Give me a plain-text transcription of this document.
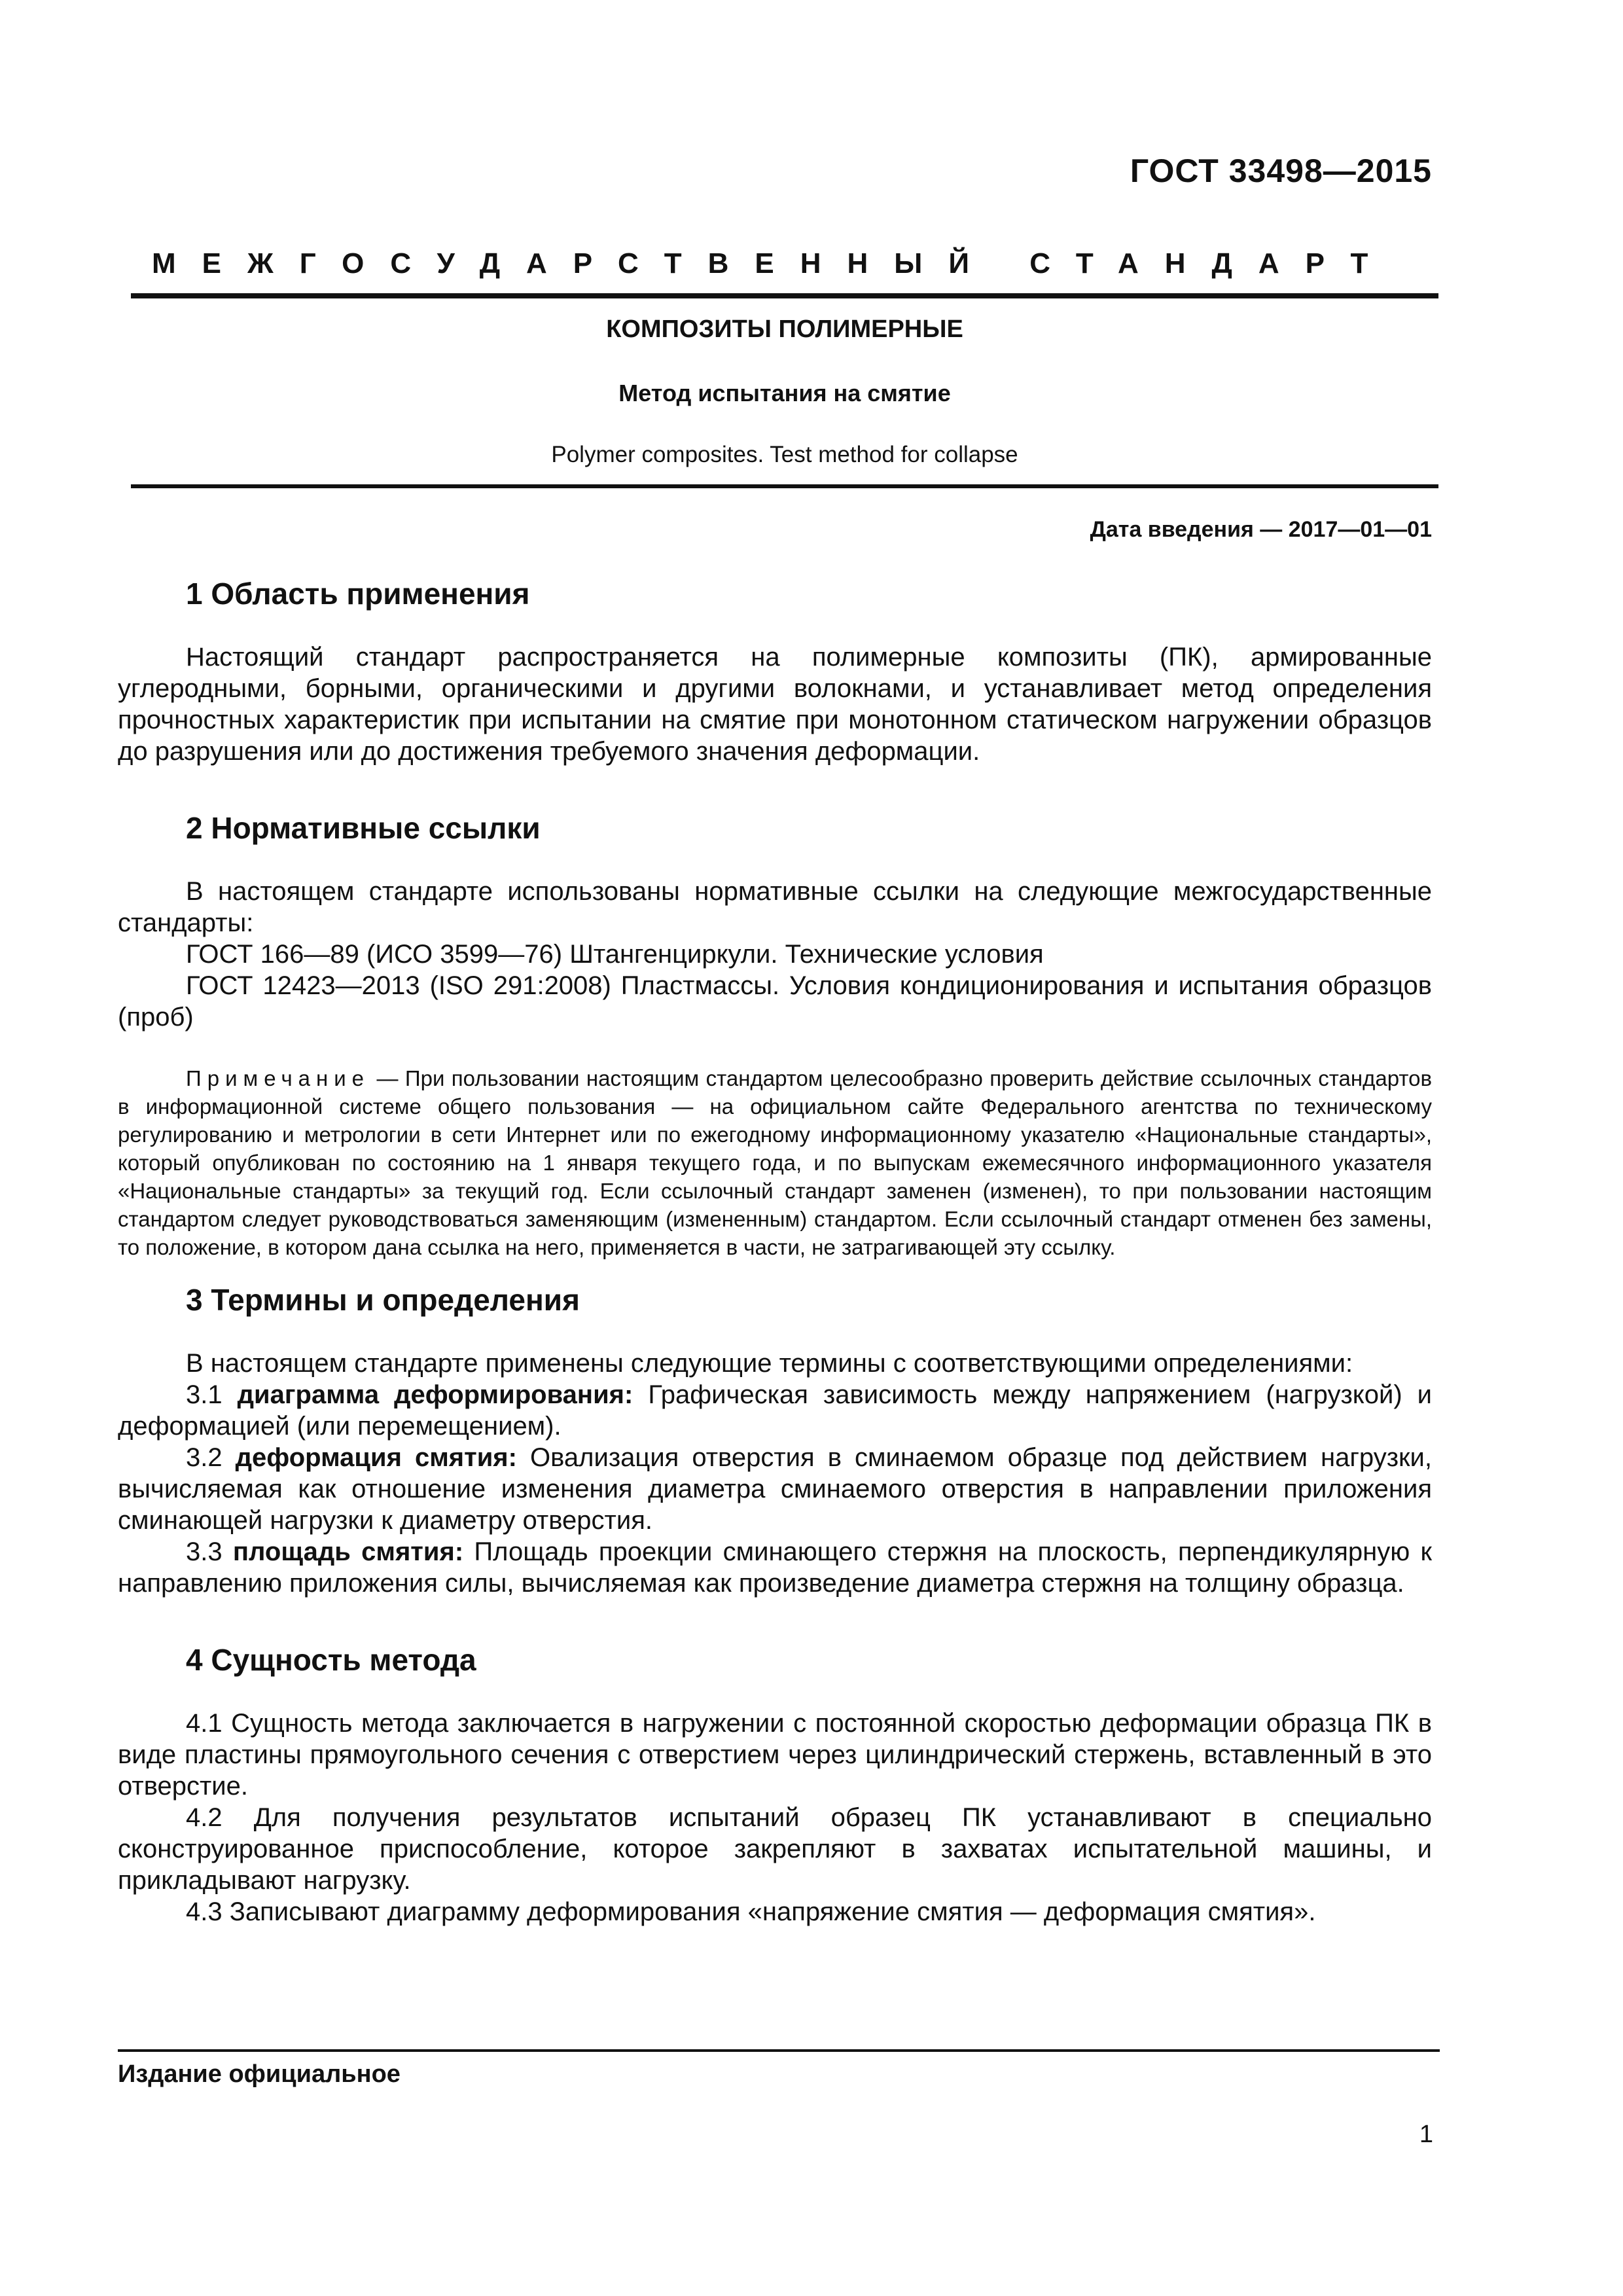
ГОСТ 33498—2015
МЕЖГОСУДАРСТВЕННЫЙ СТАНДАРТ
КОМПОЗИТЫ ПОЛИМЕРНЫЕ
Метод испытания на смятие
Polymer composites. Test method for collapse
Дата введения — 2017—01—01
1 Область применения

Настоящий стандарт распространяется на полимерные композиты (ПК), армированные углеродными, борными, органическими и другими волокнами, и устанавливает метод определения прочностных характеристик при испытании на смятие при монотонном статическом нагружении образцов до разрушения или до достижения требуемого значения деформации.

2 Нормативные ссылки

В настоящем стандарте использованы нормативные ссылки на следующие межгосударственные стандарты:

ГОСТ 166—89 (ИСО 3599—76) Штангенциркули. Технические условия

ГОСТ 12423—2013 (ISO 291:2008) Пластмассы. Условия кондиционирования и испытания образцов (проб)

Примечание — При пользовании настоящим стандартом целесообразно проверить действие ссылочных стандартов в информационной системе общего пользования — на официальном сайте Федерального агентства по техническому регулированию и метрологии в сети Интернет или по ежегодному информационному указателю «Национальные стандарты», который опубликован по состоянию на 1 января текущего года, и по выпускам ежемесячного информационного указателя «Национальные стандарты» за текущий год. Если ссылочный стандарт заменен (изменен), то при пользовании настоящим стандартом следует руководствоваться заменяющим (измененным) стандартом. Если ссылочный стандарт отменен без замены, то положение, в котором дана ссылка на него, применяется в части, не затрагивающей эту ссылку.
3 Термины и определения

В настоящем стандарте применены следующие термины с соответствующими определениями:

3.1 диаграмма деформирования: Графическая зависимость между напряжением (нагрузкой) и деформацией (или перемещением).

3.2 деформация смятия: Овализация отверстия в сминаемом образце под действием нагрузки, вычисляемая как отношение изменения диаметра сминаемого отверстия в направлении приложения сминающей нагрузки к диаметру отверстия.

3.3 площадь смятия: Площадь проекции сминающего стержня на плоскость, перпендикулярную к направлению приложения силы, вычисляемая как произведение диаметра стержня на толщину образца.

4 Сущность метода

4.1 Сущность метода заключается в нагружении с постоянной скоростью деформации образца ПК в виде пластины прямоугольного сечения с отверстием через цилиндрический стержень, вставленный в это отверстие.

4.2 Для получения результатов испытаний образец ПК устанавливают в специально сконструированное приспособление, которое закрепляют в захватах испытательной машины, и прикладывают нагрузку.

4.3 Записывают диаграмму деформирования «напряжение смятия — деформация смятия».

Издание официальное
1
